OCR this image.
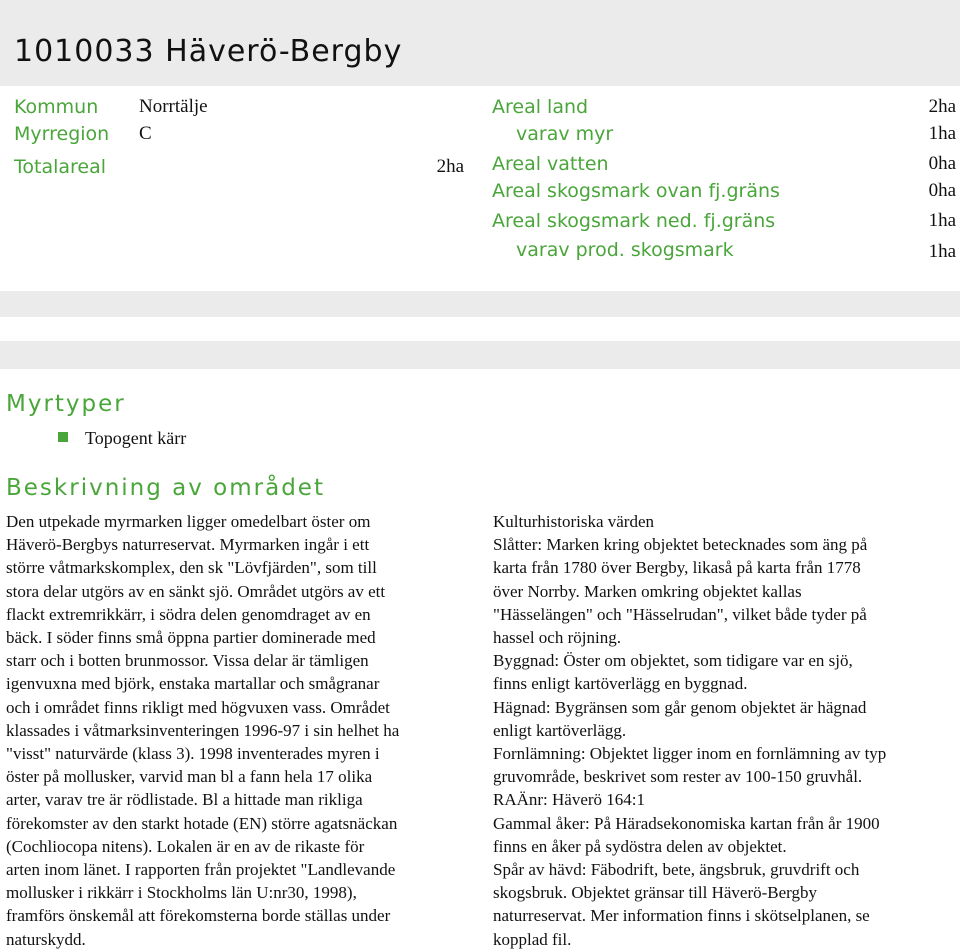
1010033 Häverö-Bergby
Kommun Norrtälje
Myrregion C
Totalareal	2ha
Areal land	2ha
varav myr	1ha
Areal vatten	0ha
Areal skogsmark ovan fj.gräns	0ha
Areal skogsmark ned. fj.gräns	1ha
varav prod. skogsmark	1ha
Myrtyper
Topogent kärr
Beskrivning av området

Den utpekade myrmarken ligger omedelbart öster om

Häverö-Bergbys naturreservat. Myrmarken ingår i ett

större våtmarkskomplex, den sk "Lövfjärden", som till

stora delar utgörs av en sänkt sjö. Området utgörs av ett

flackt extremrikkärr, i södra delen genomdraget av en

bäck. I söder finns små öppna partier dominerade med

starr och i botten brunmossor. Vissa delar är tämligen

igenvuxna med björk, enstaka martallar och smågranar

och i området finns rikligt med högvuxen vass. Området

klassades i våtmarksinventeringen 1996-97 i sin helhet ha

"visst" naturvärde (klass 3). 1998 inventerades myren i

öster på mollusker, varvid man bl a fann hela 17 olika

arter, varav tre är rödlistade. Bl a hittade man rikliga

förekomster av den starkt hotade (EN) större agatsnäckan

(Cochliocopa nitens). Lokalen är en av de rikaste för

arten inom länet. I rapporten från projektet "Landlevande

mollusker i rikkärr i Stockholms län U:nr30, 1998),

framförs önskemål att förekomsterna borde ställas under

naturskydd.

Kulturhistoriska värden

Slåtter: Marken kring objektet betecknades som äng på

karta från 1780 över Bergby, likaså på karta från 1778

över Norrby. Marken omkring objektet kallas

"Hässelängen" och "Hässelrudan", vilket både tyder på

hassel och röjning.

Byggnad: Öster om objektet, som tidigare var en sjö,

finns enligt kartöverlägg en byggnad.

Hägnad: Bygränsen som går genom objektet är hägnad

enligt kartöverlägg.

Fornlämning: Objektet ligger inom en fornlämning av typ

gruvområde, beskrivet som rester av 100-150 gruvhål.

RAÄnr: Häverö 164:1

Gammal åker: På Häradsekonomiska kartan från år 1900

finns en åker på sydöstra delen av objektet.

Spår av hävd: Fäbodrift, bete, ängsbruk, gruvdrift och

skogsbruk. Objektet gränsar till Häverö-Bergby

naturreservat. Mer information finns i skötselplanen, se

kopplad fil.
